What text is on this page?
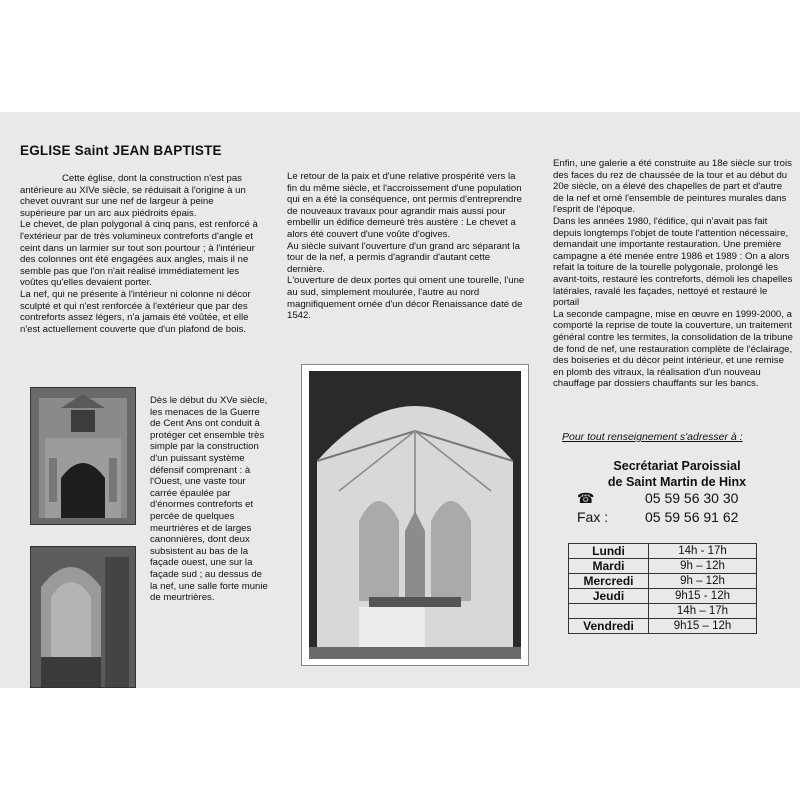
EGLISE Saint JEAN BAPTISTE

Cette église, dont la construction n'est pas antérieure au XIVe siècle, se réduisait à l'origine à un chevet ouvrant sur une nef de largeur à peine supérieure par un arc aux piédroits épais.

Le chevet, de plan polygonal à cinq pans, est renforcé à l'extérieur par de très volumineux contreforts d'angle et ceint dans un larmier sur tout son pourtour ; à l'intérieur des colonnes ont été engagées aux angles, mais il ne semble pas que l'on n'ait réalisé immédiatement les voûtes qu'elles devaient porter.

La nef, qui ne présente à l'intérieur ni colonne ni décor sculpté et qui n'est renforcée à l'extérieur que par des contreforts assez légers, n'a jamais été voûtée, et elle n'est actuellement couverte que d'un plafond de bois.

Dès le début du XVe siècle, les menaces de la Guerre de Cent Ans ont conduit à protéger cet ensemble très simple par la construction d'un puissant système défensif comprenant : à l'Ouest, une vaste tour carrée épaulée par d'énormes contreforts et percée de quelques meurtrières et de larges canonnières, dont deux subsistent au bas de la façade ouest, une sur la façade sud ; au dessus de la nef, une salle forte munie de meurtrières.

Le retour de la paix et d'une relative prospérité vers la fin du même siècle, et l'accroissement d'une population qui en a été la conséquence, ont permis d'entreprendre de nouveaux travaux pour agrandir mais aussi pour embellir un édifice demeuré très austère : Le chevet a alors été couvert d'une voûte d'ogives.

Au siècle suivant l'ouverture d'un grand arc séparant la tour de la nef, a permis d'agrandir d'autant cette dernière.

L'ouverture de deux portes qui ornent une tourelle, l'une au sud, simplement moulurée, l'autre au nord magnifiquement ornée d'un décor Renaissance daté de 1542.

Enfin, une galerie a été construite au 18e siècle sur trois des faces du rez de chaussée de la tour et au début du 20e siècle, on a élevé des chapelles de part et d'autre de la nef et orné l'ensemble de peintures murales dans l'esprit de l'époque.

Dans les années 1980, l'édifice, qui n'avait pas fait depuis longtemps l'objet de toute l'attention nécessaire, demandait une importante restauration. Une première campagne a été menée entre 1986 et 1989 : On a alors refait la toiture de la tourelle polygonale, prolongé les avant-toits, restauré les contreforts, démoli les chapelles latérales, ravalé les façades, nettoyé et restauré le portail

La seconde campagne, mise en œuvre en 1999-2000, a comporté la reprise de toute la couverture, un traitement général contre les termites, la consolidation de la tribune de fond de nef, une restauration complète de l'éclairage, des boiseries et du décor peint intérieur, et une remise en plomb des vitraux, la réalisation d'un nouveau chauffage par dossiers chauffants sur les bancs.

Pour tout renseignement s'adresser à :
Secrétariat Paroissial
de Saint Martin de Hinx
☎	05 59 56 30 30
Fax :	05 59 56 91 62
Lundi	14h - 17h
Mardi	9h – 12h
Mercredi	9h – 12h
Jeudi	9h15 - 12h
	14h – 17h
Vendredi	9h15 – 12h
